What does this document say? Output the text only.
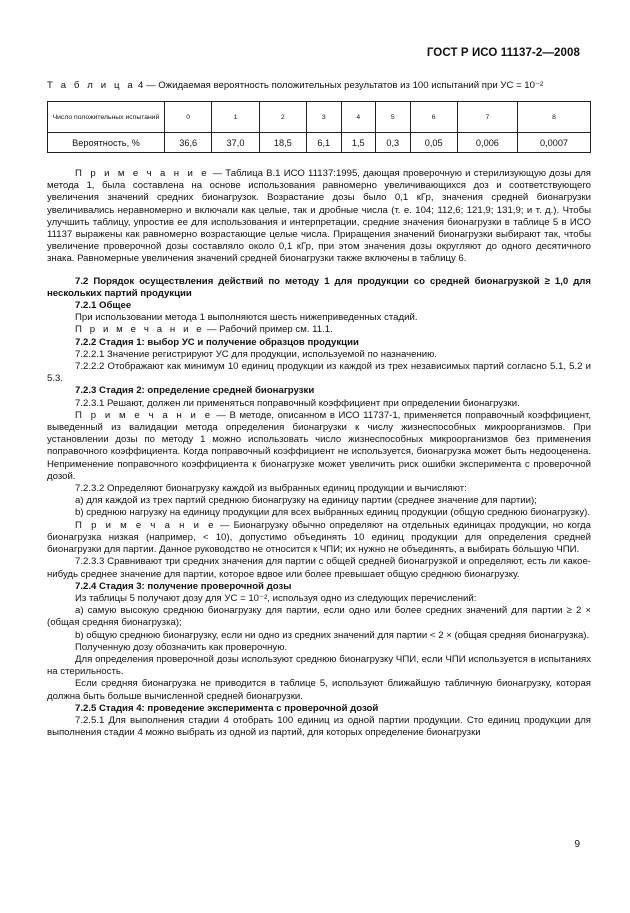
ГОСТ Р ИСО 11137-2—2008
Т а б л и ц а 4 — Ожидаемая вероятность положительных результатов из 100 испытаний при УС = 10⁻²
Число положительных испытаний	0	1	2	3	4	5	6	7	8
Вероятность, %	36,6	37,0	18,5	6,1	1,5	0,3	0,05	0,006	0,0007

П р и м е ч а н и е — Таблица В.1 ИСО 11137:1995, дающая проверочную и стерилизующую дозы для метода 1, была составлена на основе использования равномерно увеличивающихся доз и соответствующего увеличения значений средних бионагрузок. Возрастание дозы было 0,1 кГр, значения средней бионагрузки увеличивались неравномерно и включали как целые, так и дробные числа (т. е. 104; 112,6; 121,9; 131,9; и т. д.). Чтобы улучшить таблицу, упростив ее для использования и интерпретации, средние значения бионагрузки в таблице 5 в ИСО 11137 выражены как равномерно возрастающие целые числа. Приращения значений бионагрузки выбирают так, чтобы увеличение проверочной дозы составляло около 0,1 кГр, при этом значения дозы округляют до одного десятичного знака. Равномерные увеличения значений средней бионагрузки также включены в таблицу 6.

7.2 Порядок осуществления действий по методу 1 для продукции со средней бионагрузкой ≥ 1,0 для нескольких партий продукции

7.2.1 Общее

При использовании метода 1 выполняются шесть нижеприведенных стадий.

П р и м е ч а н и е — Рабочий пример см. 11.1.

7.2.2 Стадия 1: выбор УС и получение образцов продукции

7.2.2.1 Значение регистрируют УС для продукции, используемой по назначению.

7.2.2.2 Отображают как минимум 10 единиц продукции из каждой из трех независимых партий согласно 5.1, 5.2 и 5.3.

7.2.3 Стадия 2: определение средней бионагрузки

7.2.3.1 Решают, должен ли применяться поправочный коэффициент при определении бионагрузки.

П р и м е ч а н и е — В методе, описанном в ИСО 11737-1, применяется поправочный коэффициент, выведенный из валидации метода определения бионагрузки к числу жизнеспособных микроорганизмов. При установлении дозы по методу 1 можно использовать число жизнеспособных микроорганизмов без применения поправочного коэффициента. Когда поправочный коэффициент не используется, бионагрузка может быть недооценена. Неприменение поправочного коэффициента к бионагрузке может увеличить риск ошибки эксперимента с проверочной дозой.

7.2.3.2 Определяют бионагрузку каждой из выбранных единиц продукции и вычисляют:

а) для каждой из трех партий среднюю бионагрузку на единицу партии (среднее значение для партии);

b) среднюю нагрузку на единицу продукции для всех выбранных единиц продукции (общую среднюю бионагрузку).

П р и м е ч а н и е — Бионагрузку обычно определяют на отдельных единицах продукции, но когда бионагрузка низкая (например, < 10), допустимо объединять 10 единиц продукции для определения средней бионагрузки для партии. Данное руководство не относится к ЧПИ; их нужно не объединять, а выбирать бóльшую ЧПИ.

7.2.3.3 Сравнивают три средних значения для партии с общей средней бионагрузкой и определяют, есть ли какое-нибудь среднее значение для партии, которое вдвое или более превышает общую среднюю бионагрузку.

7.2.4 Стадия 3: получение проверочной дозы

Из таблицы 5 получают дозу для УС = 10⁻², используя одно из следующих перечислений:

а) самую высокую среднюю бионагрузку для партии, если одно или более средних значений для партии ≥ 2 × (общая средняя бионагрузка);

b) общую среднюю бионагрузку, если ни одно из средних значений для партии < 2 × (общая средняя бионагрузка).

Полученную дозу обозначить как проверочную.

Для определения проверочной дозы используют среднюю бионагрузку ЧПИ, если ЧПИ используется в испытаниях на стерильность.

Если средняя бионагрузка не приводится в таблице 5, используют ближайшую табличную бионагрузку, которая должна быть больше вычисленной средней бионагрузки.

7.2.5 Стадия 4: проведение эксперимента с проверочной дозой

7.2.5.1 Для выполнения стадии 4 отобрать 100 единиц из одной партии продукции. Сто единиц продукции для выполнения стадии 4 можно выбрать из одной из партий, для которых определение бионагрузки

9
